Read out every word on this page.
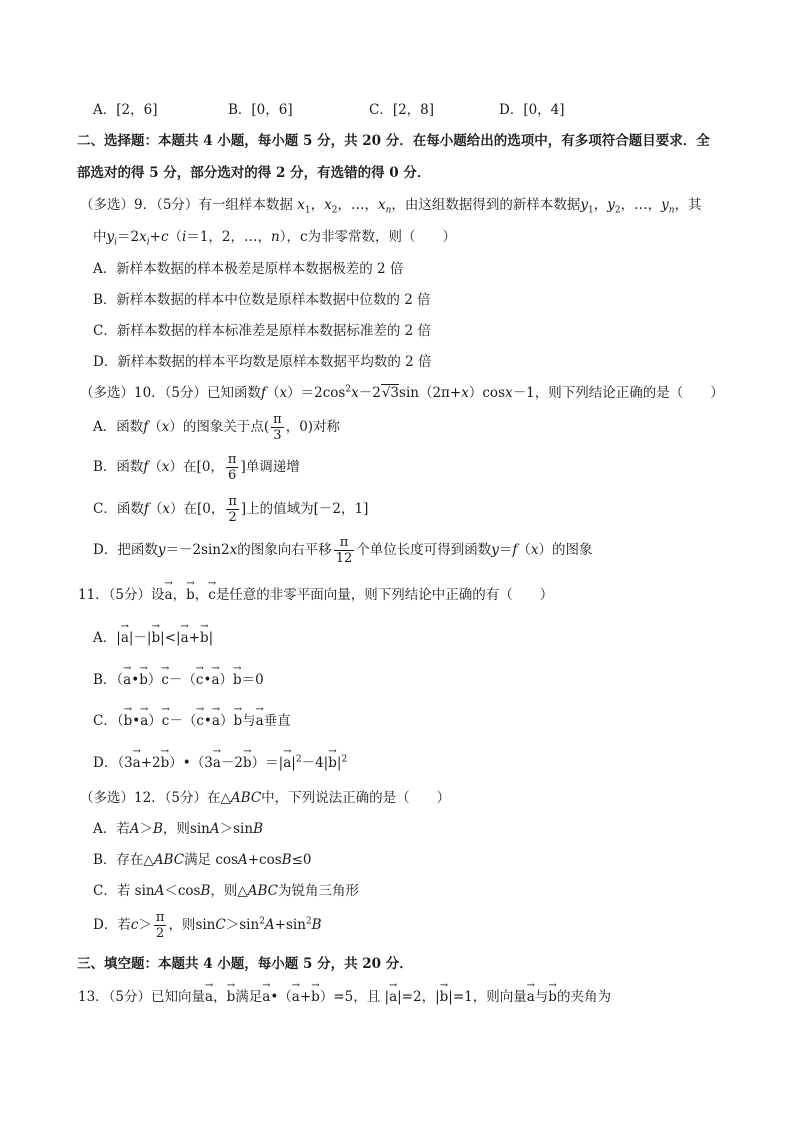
A．[2，6]	B．[0，6]	C．[2，8]	D．[0，4]
二、选择题：本题共 4 小题，每小题 5 分，共 20 分．在每小题给出的选项中，有多项符合题目要求．全
部选对的得 5 分，部分选对的得 2 分，有选错的得 0 分．
（多选）9．（5分）有一组样本数据 $x_1$，$x_2$，…，$x_n$，由这组数据得到的新样本数据$y_1$，$y_2$，…，$y_n$，其
中$y_i=2x_i+c(i=1$，2，…，n），c为非零常数，则（　　）
A．新样本数据的样本极差是原样本数据极差的 2 倍
B．新样本数据的样本中位数是原样本数据中位数的 2 倍
C．新样本数据的样本标准差是原样本数据标准差的 2 倍
D．新样本数据的样本平均数是原样本数据平均数的 2 倍
（多选）10．（5分）已知函数$f(x)=2\cos^2x-2√3\sin(2\pi+x)\cos x-1$，则下列结论正确的是（　　）
A．函数f（x）的图象关于点( $\frac{\pi}{3}$ ，0)对称
B．函数f（x）在[0， $\frac{\pi}{6}$ ]单调递增
C．函数f（x）在[0， $\frac{\pi}{2}$ ]上的值域为[－2，1]
D．把函数y＝－2sin2x的图象向右平移 $\frac{\pi}{12}$ 个单位长度可得到函数y＝f（x）的图象
11．（5分）设→ a，→ b，→ c是任意的非零平面向量，则下列结论中正确的有（　　）
A．|→ a|－|→ b|<|→ a+→ b|
B．（→ a•→ b）→ c－（→ c•→ a）→ b＝0
C．（→ b•→ a）→ c－（→ c•→ a）→ b与→ a垂直
D．（3→ a+2→ b）•（3→ $a-2\to b)=|\to a|^2-4|\to b|^2$
（多选）12．（5分）在△ABC中，下列说法正确的是（　　）
A．若A＞B，则sinA＞sinB
B．存在△ABC满足 cosA+cosB≤0
C．若 sinA＜cosB，则△ABC为锐角三角形
D．若$c> \frac{\pi}{2}$ ，则$\sin C>\sin^2A+\sin^2B$
三、填空题：本题共 4 小题，每小题 5 分，共 20 分．
13．（5分）已知向量→ a，→ b满足→ a•（→ a+→ b）=5，且 |→ a|=2，|→ b|=1，则向量→ a与→ b的夹角为
